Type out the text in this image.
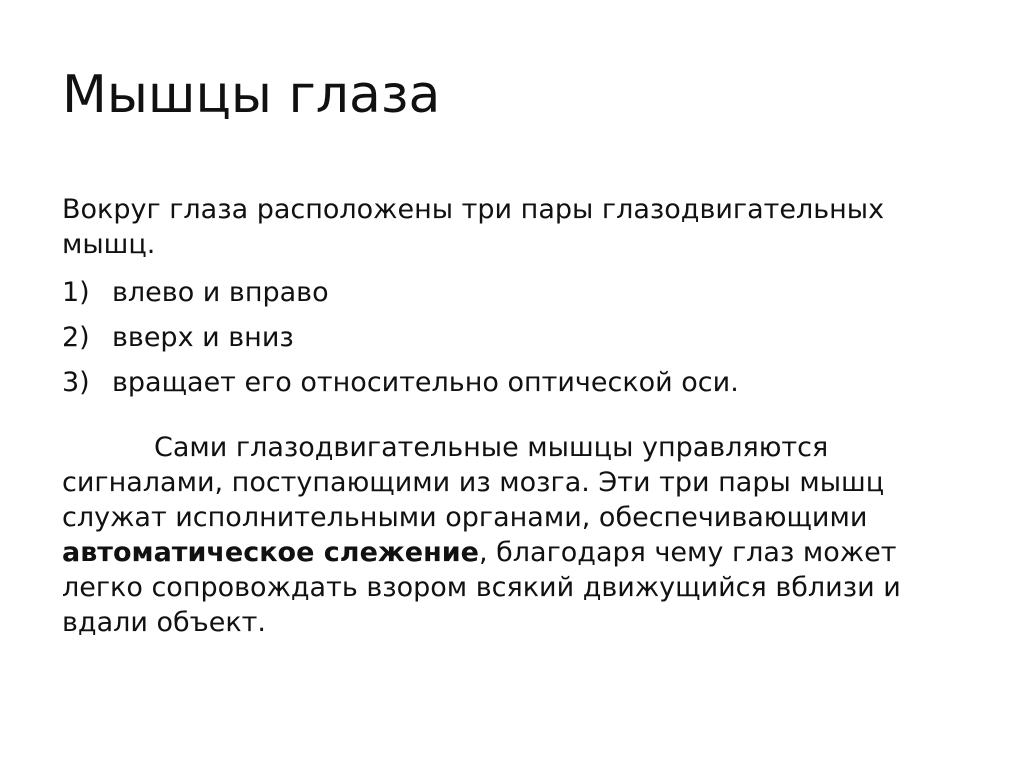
Мышцы глаза

Вокруг глаза расположены три пары глазодвигательных мышц.

1) влево и вправо
2) вверх и вниз
3) вращает его относительно оптической оси.

Сами глазодвигательные мышцы управляются сигналами, поступающими из мозга. Эти три пары мышц служат исполнительными органами, обеспечивающими автоматическое слежение, благодаря чему глаз может легко сопровождать взором всякий движущийся вблизи и вдали объект.
